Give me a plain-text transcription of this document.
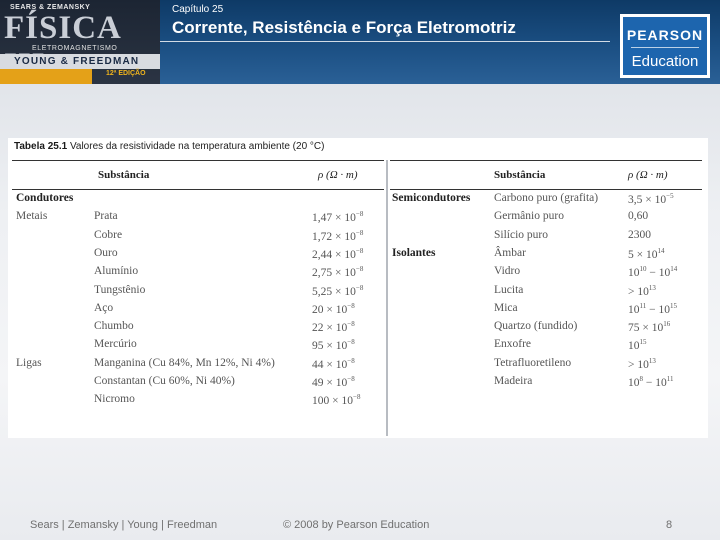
SEARS & ZEMANSKY
FÍSICA
ELETROMAGNETISMO
YOUNG & FREEDMAN
12ª EDIÇÃO
Capítulo 25
Corrente, Resistência e Força Eletromotriz	PEARSON
Education
Tabela 25.1 Valores da resistividade na temperatura ambiente (20 °C)
Substância	ρ (Ω · m)
Condutores
Metais	Prata	$1,47 \times 10^{-8}$
Cobre	$1,72 \times 10^{-8}$
Ouro	$2,44 \times 10^{-8}$
Alumínio	$2,75 \times 10^{-8}$
Tungstênio	$5,25 \times 10^{-8}$
Aço	$20 \times 10^{-8}$
Chumbo	$22 \times 10^{-8}$
Mercúrio	$95 \times 10^{-8}$
Ligas	Manganina (Cu 84%, Mn 12%, Ni 4%)	$44 \times 10^{-8}$
Constantan (Cu 60%, Ni 40%)	$49 \times 10^{-8}$
Nicromo	$100 \times 10^{-8}$
Substância	ρ (Ω · m)
Semicondutores Carbono puro (grafita)	$3,5 \times 10^{-5}$
Germânio puro	0,60
Silício puro	2300
Isolantes	Âmbar	$5 \times 10^{14}$
Vidro	$10^{10} - 10^{14}$
Lucita	> $10^{13}$
Mica	$10^{11} - 10^{15}$
Quartzo (fundido)	$75 \times 10^{16}$
Enxofre	$10^{15}$
Tetrafluoretileno	> $10^{13}$
Madeira	$10^8 - 10^{11}$
Sears | Zemansky | Young | Freedman	© 2008 by Pearson Education	8
